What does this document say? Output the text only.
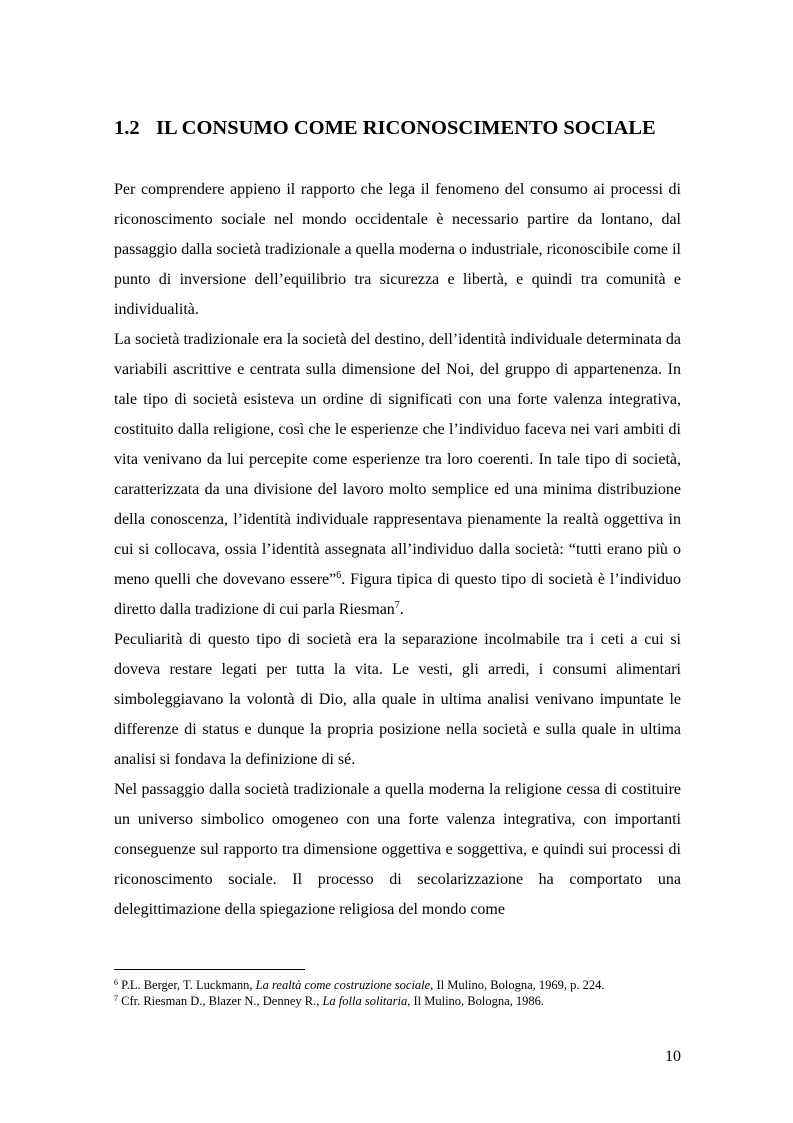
1.2 IL CONSUMO COME RICONOSCIMENTO SOCIALE

Per comprendere appieno il rapporto che lega il fenomeno del consumo ai processi di riconoscimento sociale nel mondo occidentale è necessario partire da lontano, dal passaggio dalla società tradizionale a quella moderna o industriale, riconoscibile come il punto di inversione dell’equilibrio tra sicurezza e libertà, e quindi tra comunità e individualità.

La società tradizionale era la società del destino, dell’identità individuale determinata da variabili ascrittive e centrata sulla dimensione del Noi, del gruppo di appartenenza. In tale tipo di società esisteva un ordine di significati con una forte valenza integrativa, costituito dalla religione, così che le esperienze che l’individuo faceva nei vari ambiti di vita venivano da lui percepite come esperienze tra loro coerenti. In tale tipo di società, caratterizzata da una divisione del lavoro molto semplice ed una minima distribuzione della conoscenza, l’identità individuale rappresentava pienamente la realtà oggettiva in cui si collocava, ossia l’identità assegnata all’individuo dalla società: “tutti erano più o meno quelli che dovevano essere”$^6$. Figura tipica di questo tipo di società è l’individuo diretto dalla tradizione di cui parla Riesman$^7$.

Peculiarità di questo tipo di società era la separazione incolmabile tra i ceti a cui si doveva restare legati per tutta la vita. Le vesti, gli arredi, i consumi alimentari simboleggiavano la volontà di Dio, alla quale in ultima analisi venivano impuntate le differenze di status e dunque la propria posizione nella società e sulla quale in ultima analisi si fondava la definizione di sé.

Nel passaggio dalla società tradizionale a quella moderna la religione cessa di costituire un universo simbolico omogeneo con una forte valenza integrativa, con importanti conseguenze sul rapporto tra dimensione oggettiva e soggettiva, e quindi sui processi di riconoscimento sociale. Il processo di secolarizzazione ha comportato una delegittimazione della spiegazione religiosa del mondo come

$^6$ P.L. Berger, T. Luckmann, La realtà come costruzione sociale, Il Mulino, Bologna, 1969, p. 224.

$^7$ Cfr. Riesman D., Blazer N., Denney R., La folla solitaria, Il Mulino, Bologna, 1986.

10
